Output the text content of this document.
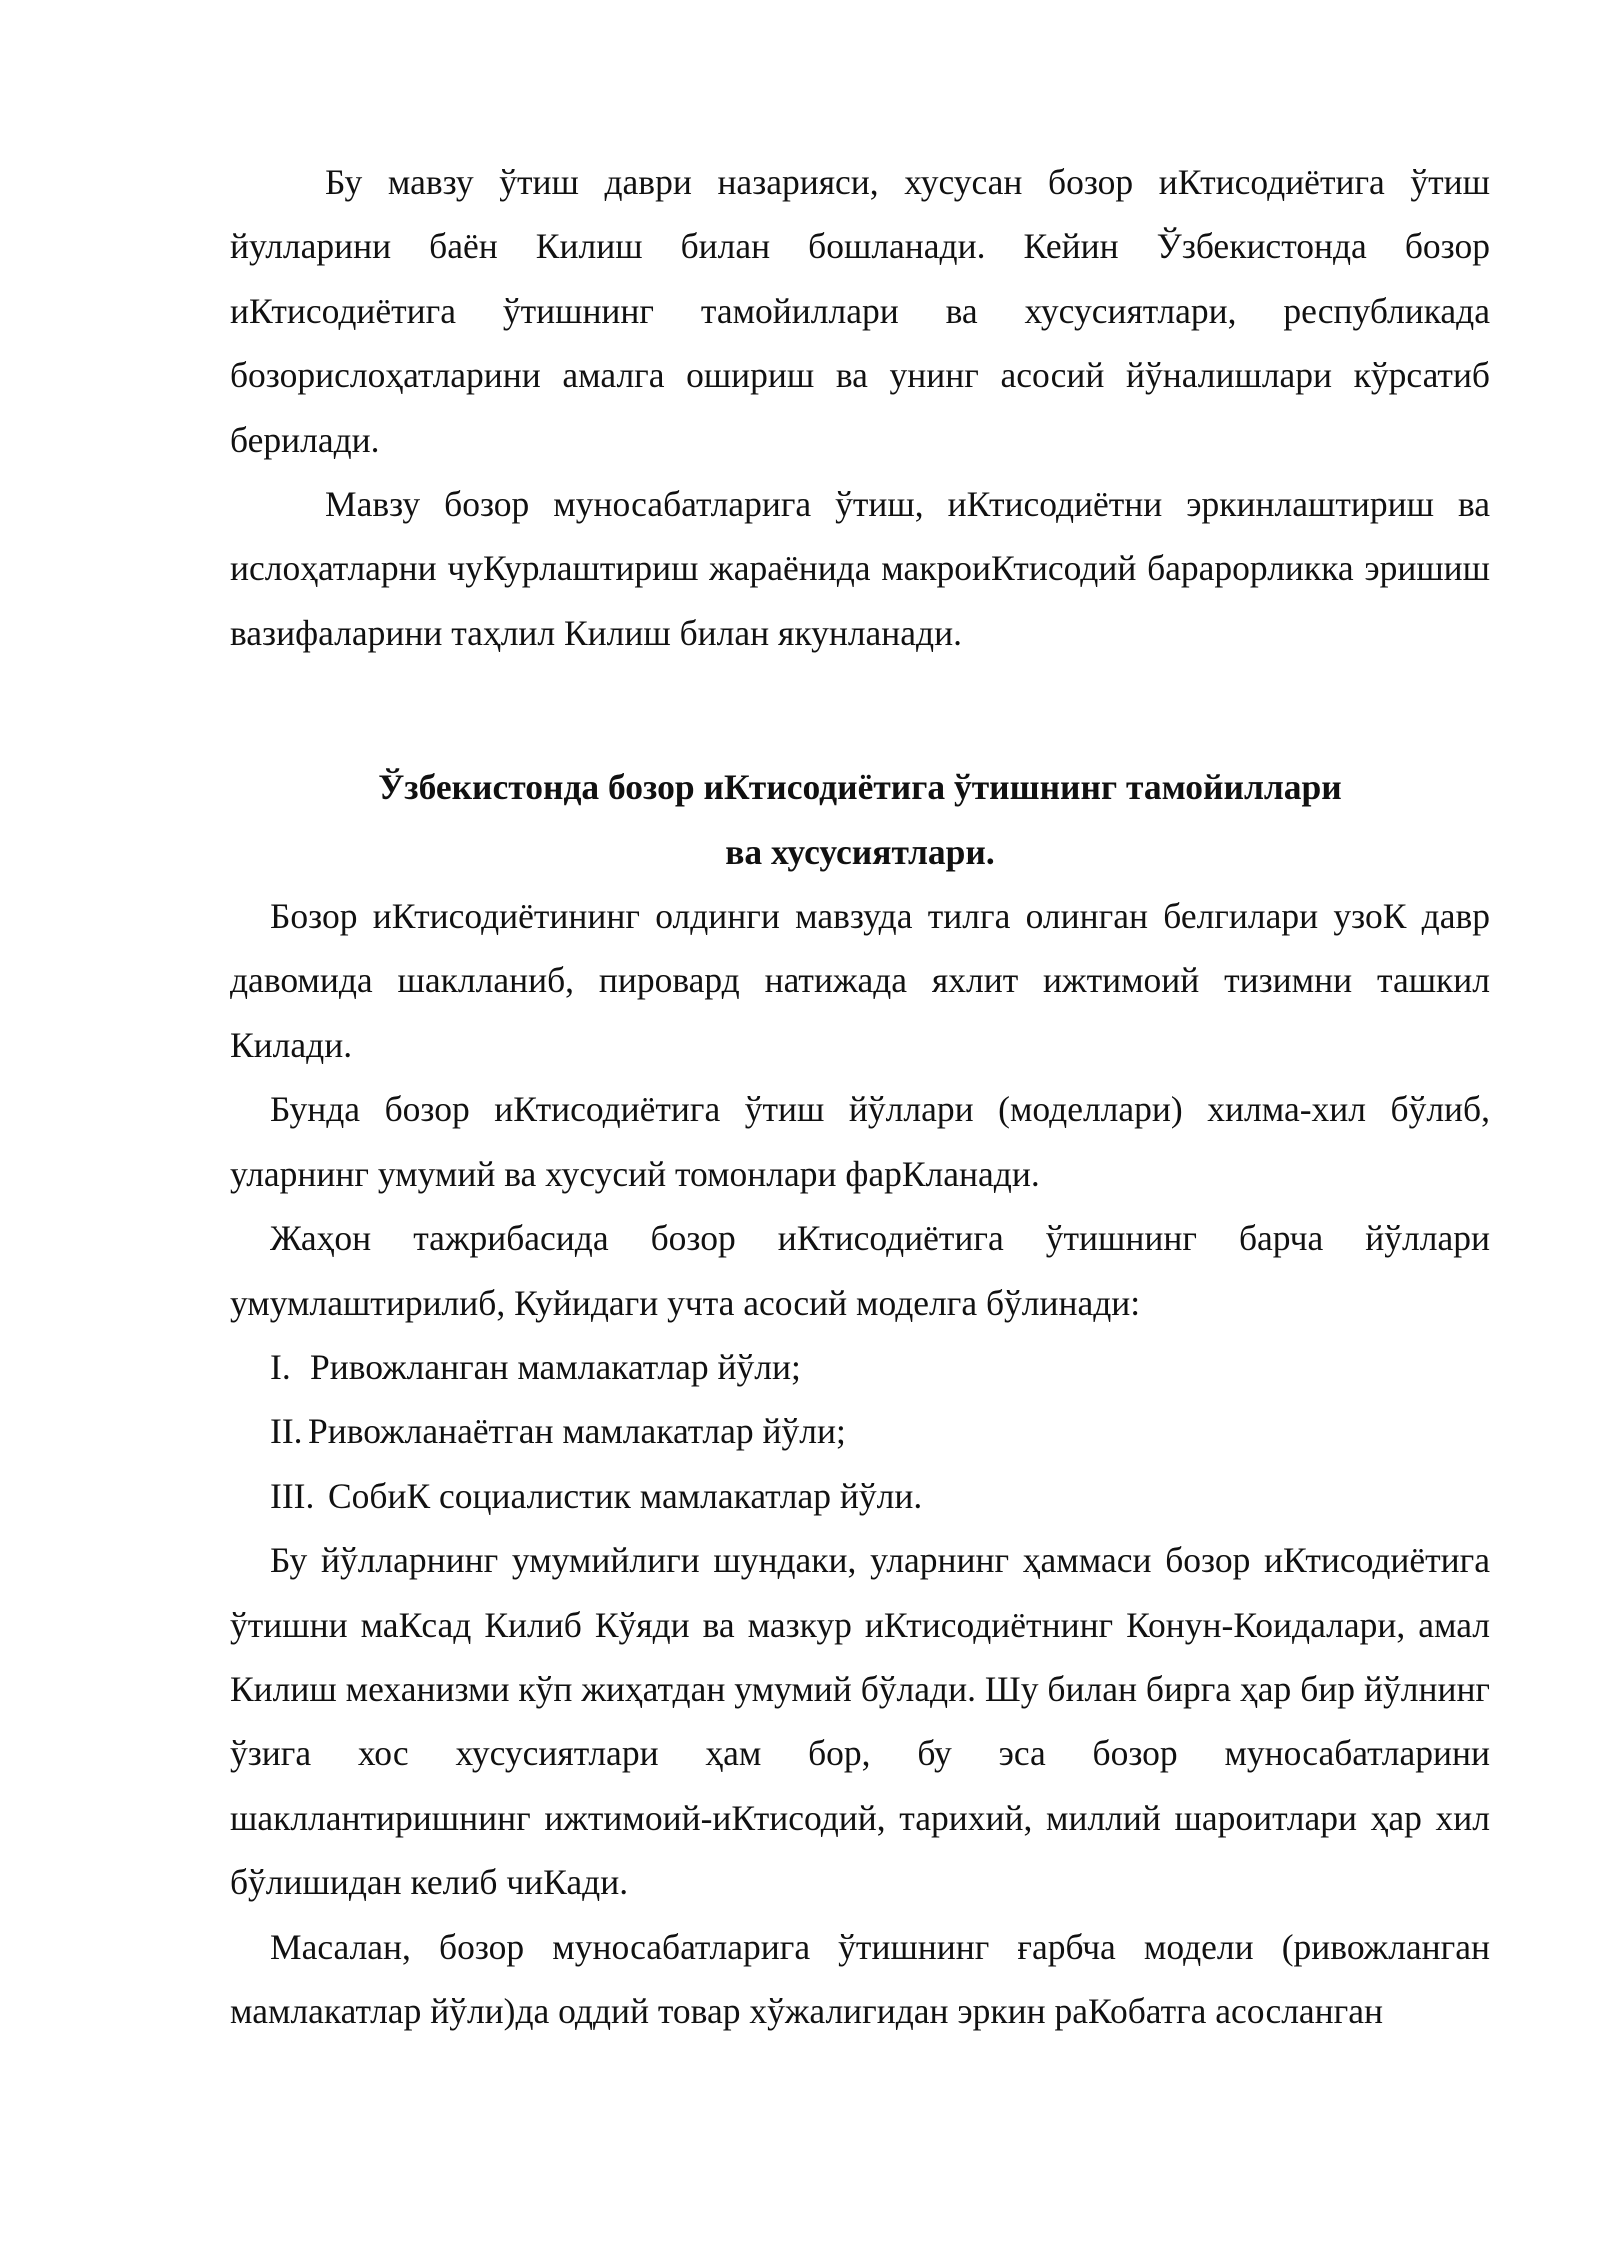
Бу мавзу ўтиш даври назарияси, хусусан бозор иКтисодиётига ўтиш йулларини баён Килиш билан бошланади. Кейин Ўзбекистонда бозор иКтисодиётига ўтишнинг тамойиллари ва хусусиятлари, республикада бозорислоҳатларини амалга ошириш ва унинг асосий йўналишлари кўрсатиб берилади.

Мавзу бозор муносабатларига ўтиш, иКтисодиётни эркинлаштириш ва ислоҳатларни чуКурлаштириш жараёнида макроиКтисодий барарорликка эришиш вазифаларини таҳлил Килиш билан якунланади.

Ўзбекистонда бозор иКтисодиётига ўтишнинг тамойиллари
ва хусусиятлари.

Бозор иКтисодиётининг олдинги мавзуда тилга олинган белгилари узоК давр давомида шаклланиб, пировард натижада яхлит ижтимоий тизимни ташкил Килади.

Бунда бозор иКтисодиётига ўтиш йўллари (моделлари) хилма-хил бўлиб, уларнинг умумий ва хусусий томонлари фарКланади.

Жаҳон тажрибасида бозор иКтисодиётига ўтишнинг барча йўллари умумлаштирилиб, Куйидаги учта асосий моделга бўлинади:

I. Ривожланган мамлакатлар йўли;
II. Ривожланаётган мамлакатлар йўли;
III. СобиК социалистик мамлакатлар йўли.

Бу йўлларнинг умумийлиги шундаки, уларнинг ҳаммаси бозор иКтисодиётига ўтишни маКсад Килиб Кўяди ва мазкур иКтисодиётнинг Конун-Коидалари, амал Килиш механизми кўп жиҳатдан умумий бўлади. Шу билан бирга ҳар бир йўлнинг ўзига хос хусусиятлари ҳам бор, бу эса бозор муносабатларини шакллантиришнинг ижтимоий-иКтисодий, тарихий, миллий шароитлари ҳар хил бўлишидан келиб чиКади.

Масалан, бозор муносабатларига ўтишнинг ғарбча модели (ривожланган мамлакатлар йўли)да оддий товар хўжалигидан эркин раКобатга асосланган
